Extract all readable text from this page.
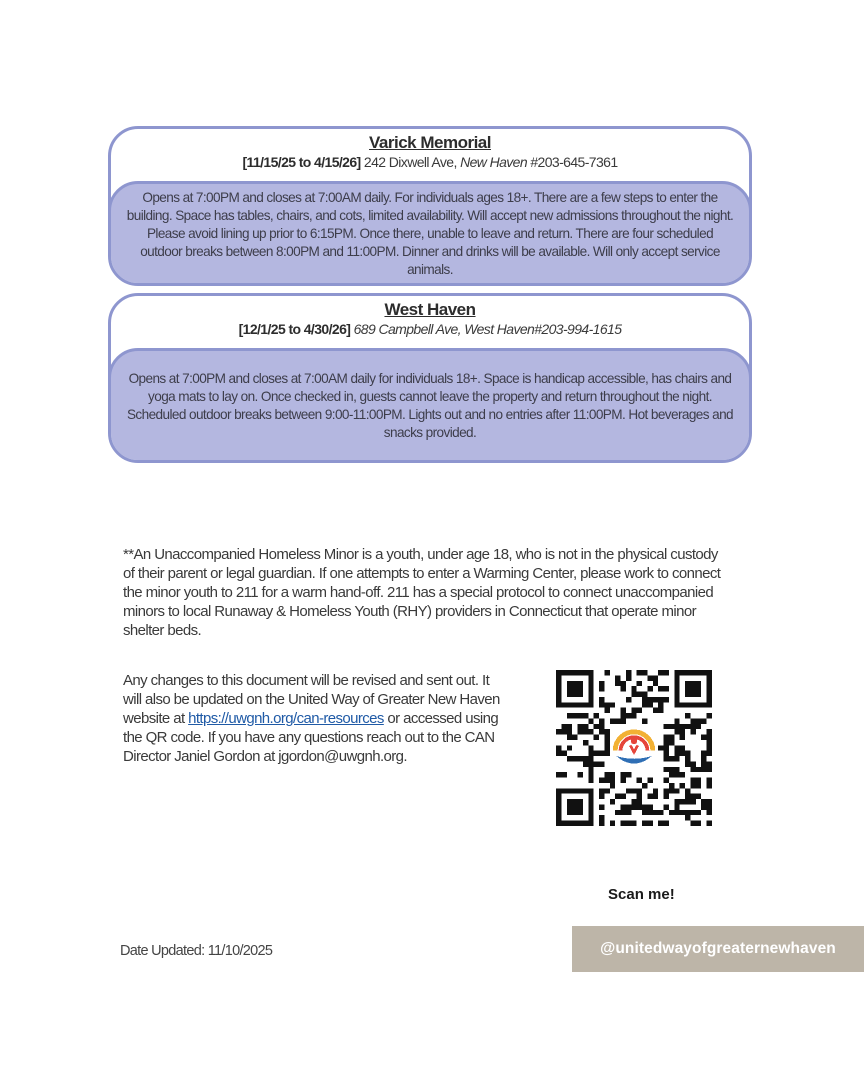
Varick Memorial
[11/15/25 to 4/15/26] 242 Dixwell Ave, New Haven #203-645-7361
Opens at 7:00PM and closes at 7:00AM daily. For individuals ages 18+. There are a few steps to enter the building. Space has tables, chairs, and cots, limited availability. Will accept new admissions throughout the night. Please avoid lining up prior to 6:15PM. Once there, unable to leave and return. There are four scheduled outdoor breaks between 8:00PM and 11:00PM. Dinner and drinks will be available. Will only accept service animals.
West Haven
[12/1/25 to 4/30/26] 689 Campbell Ave, West Haven#203-994-1615
Opens at 7:00PM and closes at 7:00AM daily for individuals 18+. Space is handicap accessible, has chairs and yoga mats to lay on. Once checked in, guests cannot leave the property and return throughout the night. Scheduled outdoor breaks between 9:00-11:00PM. Lights out and no entries after 11:00PM. Hot beverages and snacks provided.
**An Unaccompanied Homeless Minor is a youth, under age 18, who is not in the physical custody of their parent or legal guardian. If one attempts to enter a Warming Center, please work to connect the minor youth to 211 for a warm hand-off. 211 has a special protocol to connect unaccompanied minors to local Runaway & Homeless Youth (RHY) providers in Connecticut that operate minor shelter beds.
Any changes to this document will be revised and sent out. It will also be updated on the United Way of Greater New Haven website at https://uwgnh.org/can-resources or accessed using the QR code. If you have any questions reach out to the CAN Director Janiel Gordon at jgordon@uwgnh.org.
Scan me!
Date Updated: 11/10/2025	@unitedwayofgreaternewhaven
